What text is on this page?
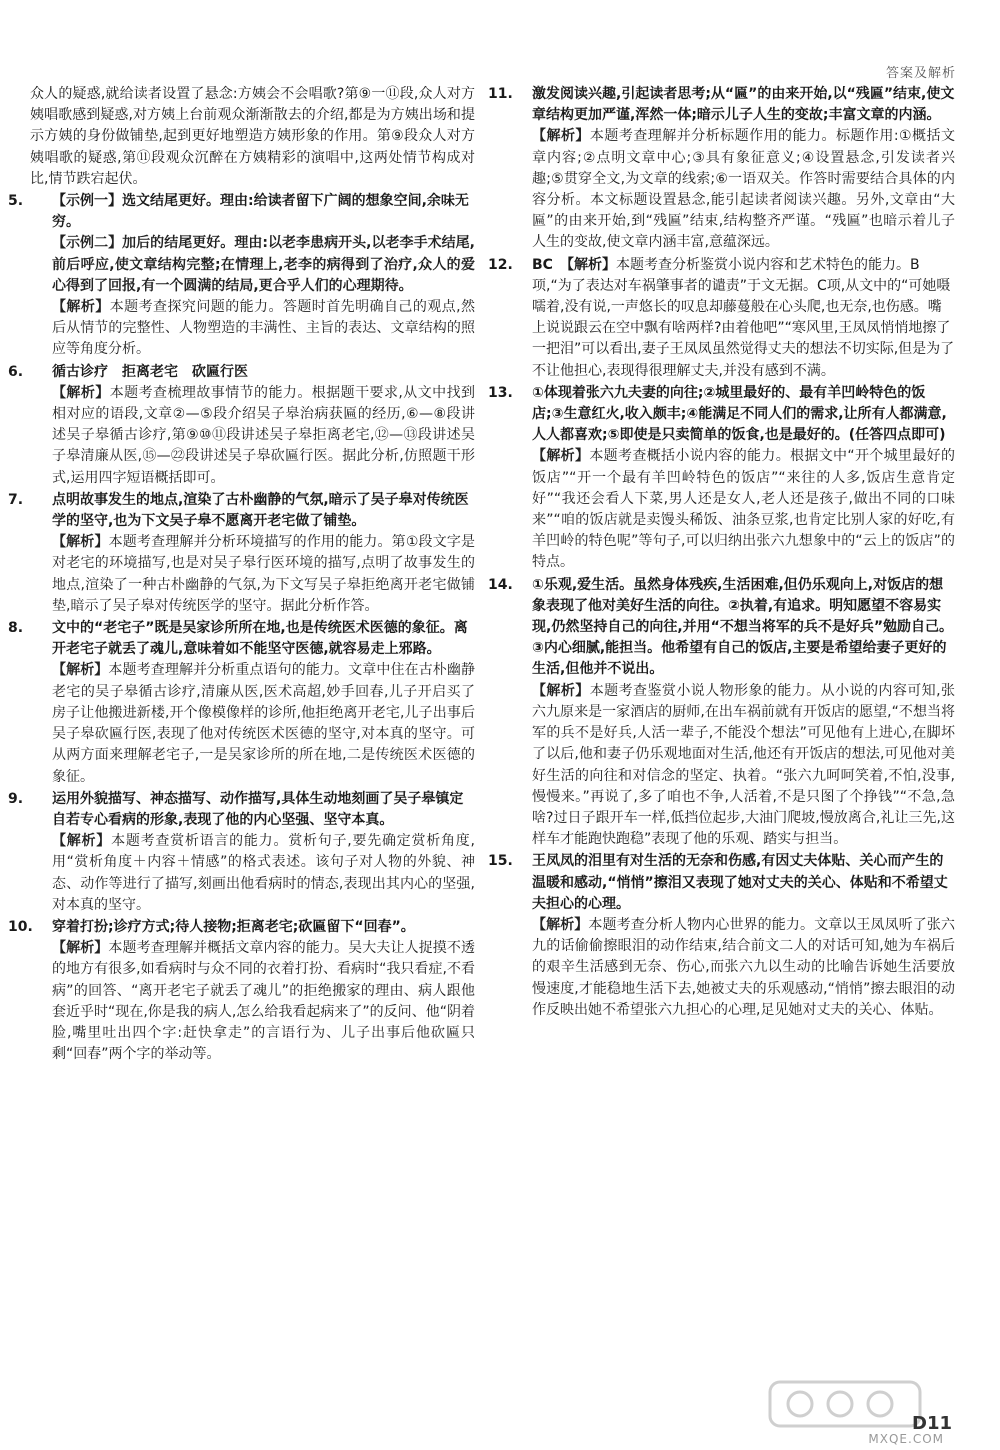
答案及解析

众人的疑惑,就给读者设置了悬念:方姨会不会唱歌?第⑨一⑪段,众人对方姨唱歌感到疑惑,对方姨上台前观众渐渐散去的介绍,都是为方姨出场和提示方姨的身份做铺垫,起到更好地塑造方姨形象的作用。第⑨段众人对方姨唱歌的疑惑,第⑪段观众沉醉在方姨精彩的演唱中,这两处情节构成对比,情节跌宕起伏。

5. 【示例一】选文结尾更好。理由:给读者留下广阔的想象空间,余味无穷。

【示例二】加后的结尾更好。理由:以老李患病开头,以老李手术结尾,前后呼应,使文章结构完整;在情理上,老李的病得到了治疗,众人的爱心得到了回报,有一个圆满的结局,更合乎人们的心理期待。

【解析】本题考查探究问题的能力。答题时首先明确自己的观点,然后从情节的完整性、人物塑造的丰满性、主旨的表达、文章结构的照应等角度分析。

6. 循古诊疗　拒离老宅　砍匾行医

【解析】本题考查梳理故事情节的能力。根据题干要求,从文中找到相对应的语段,文章②—⑤段介绍吴子皋治病获匾的经历,⑥—⑧段讲述吴子皋循古诊疗,第⑨⑩⑪段讲述吴子皋拒离老宅,⑫—⑬段讲述吴子皋清廉从医,⑮—㉒段讲述吴子皋砍匾行医。据此分析,仿照题干形式,运用四字短语概括即可。

7. 点明故事发生的地点,渲染了古朴幽静的气氛,暗示了吴子皋对传统医学的坚守,也为下文吴子皋不愿离开老宅做了铺垫。

【解析】本题考查理解并分析环境描写的作用的能力。第①段文字是对老宅的环境描写,也是对吴子皋行医环境的描写,点明了故事发生的地点,渲染了一种古朴幽静的气氛,为下文写吴子皋拒绝离开老宅做铺垫,暗示了吴子皋对传统医学的坚守。据此分析作答。

8. 文中的“老宅子”既是吴家诊所所在地,也是传统医术医德的象征。离开老宅子就丢了魂儿,意味着如不能坚守医德,就容易走上邪路。

【解析】本题考查理解并分析重点语句的能力。文章中住在古朴幽静老宅的吴子皋循古诊疗,清廉从医,医术高超,妙手回春,儿子开启买了房子让他搬进新楼,开个像模像样的诊所,他拒绝离开老宅,儿子出事后吴子皋砍匾行医,表现了他对传统医术医德的坚守,对本真的坚守。可从两方面来理解老宅子,一是吴家诊所的所在地,二是传统医术医德的象征。

9. 运用外貌描写、神态描写、动作描写,具体生动地刻画了吴子皋镇定自若专心看病的形象,表现了他的内心坚强、坚守本真。

【解析】本题考查赏析语言的能力。赏析句子,要先确定赏析角度,用“赏析角度＋内容＋情感”的格式表述。该句子对人物的外貌、神态、动作等进行了描写,刻画出他看病时的情态,表现出其内心的坚强,对本真的坚守。

10. 穿着打扮;诊疗方式;待人接物;拒离老宅;砍匾留下“回春”。

【解析】本题考查理解并概括文章内容的能力。吴大夫让人捉摸不透的地方有很多,如看病时与众不同的衣着打扮、看病时“我只看症,不看病”的回答、“离开老宅子就丢了魂儿”的拒绝搬家的理由、病人跟他套近乎时“现在,你是我的病人,怎么给我看起病来了”的反问、他“阴着脸,嘴里吐出四个字:赶快拿走”的言语行为、儿子出事后他砍匾只剩“回春”两个字的举动等。

11. 激发阅读兴趣,引起读者思考;从“匾”的由来开始,以“残匾”结束,使文章结构更加严谨,浑然一体;暗示儿子人生的变故;丰富文章的内涵。

【解析】本题考查理解并分析标题作用的能力。标题作用:①概括文章内容;②点明文章中心;③具有象征意义;④设置悬念,引发读者兴趣;⑤贯穿全文,为文章的线索;⑥一语双关。作答时需要结合具体的内容分析。本文标题设置悬念,能引起读者阅读兴趣。另外,文章由“大匾”的由来开始,到“残匾”结束,结构整齐严谨。“残匾”也暗示着儿子人生的变故,使文章内涵丰富,意蕴深远。

12. BC　 【解析】本题考查分析鉴赏小说内容和艺术特色的能力。B项,“为了表达对车祸肇事者的谴责”于文无据。C项,从文中的“可她嗫嚅着,没有说,一声悠长的叹息却藤蔓般在心头爬,也无奈,也伤感。嘴上说说跟云在空中飘有啥两样?由着他吧”“寒风里,王凤凤悄悄地擦了一把泪”可以看出,妻子王凤凤虽然觉得丈夫的想法不切实际,但是为了不让他担心,表现得很理解丈夫,并没有感到不满。

13. ①体现着张六九夫妻的向往;②城里最好的、最有羊凹岭特色的饭店;③生意红火,收入颇丰;④能满足不同人们的需求,让所有人都满意,人人都喜欢;⑤即使是只卖简单的饭食,也是最好的。(任答四点即可)

【解析】本题考查概括小说内容的能力。根据文中“开个城里最好的饭店”“开一个最有羊凹岭特色的饭店”“来往的人多,饭店生意肯定好”“我还会看人下菜,男人还是女人,老人还是孩子,做出不同的口味来”“咱的饭店就是卖馒头稀饭、油条豆浆,也肯定比别人家的好吃,有羊凹岭的特色呢”等句子,可以归纳出张六九想象中的“云上的饭店”的特点。

14. ①乐观,爱生活。虽然身体残疾,生活困难,但仍乐观向上,对饭店的想象表现了他对美好生活的向往。②执着,有追求。明知愿望不容易实现,仍然坚持自己的向往,并用“不想当将军的兵不是好兵”勉励自己。③内心细腻,能担当。他希望有自己的饭店,主要是希望给妻子更好的生活,但他并不说出。

【解析】本题考查鉴赏小说人物形象的能力。从小说的内容可知,张六九原来是一家酒店的厨师,在出车祸前就有开饭店的愿望,“不想当将军的兵不是好兵,人活一辈子,不能没个想法”可见他有上进心,在脚坏了以后,他和妻子仍乐观地面对生活,他还有开饭店的想法,可见他对美好生活的向往和对信念的坚定、执着。“张六九呵呵笑着,不怕,没事,慢慢来。”再说了,多了咱也不争,人活着,不是只图了个挣钱”“不急,急啥?过日子跟开车一样,低挡位起步,大油门爬坡,慢放离合,礼让三先,这样车才能跑快跑稳”表现了他的乐观、踏实与担当。

15. 王凤凤的泪里有对生活的无奈和伤感,有因丈夫体贴、关心而产生的温暖和感动,“悄悄”擦泪又表现了她对丈夫的关心、体贴和不希望丈夫担心的心理。

【解析】本题考查分析人物内心世界的能力。文章以王凤凤听了张六九的话偷偷擦眼泪的动作结束,结合前文二人的对话可知,她为车祸后的艰辛生活感到无奈、伤心,而张六九以生动的比喻告诉她生活要放慢速度,才能稳地生活下去,她被丈夫的乐观感动,“悄悄”擦去眼泪的动作反映出她不希望张六九担心的心理,足见她对丈夫的关心、体贴。

MXQE.COM
D11
